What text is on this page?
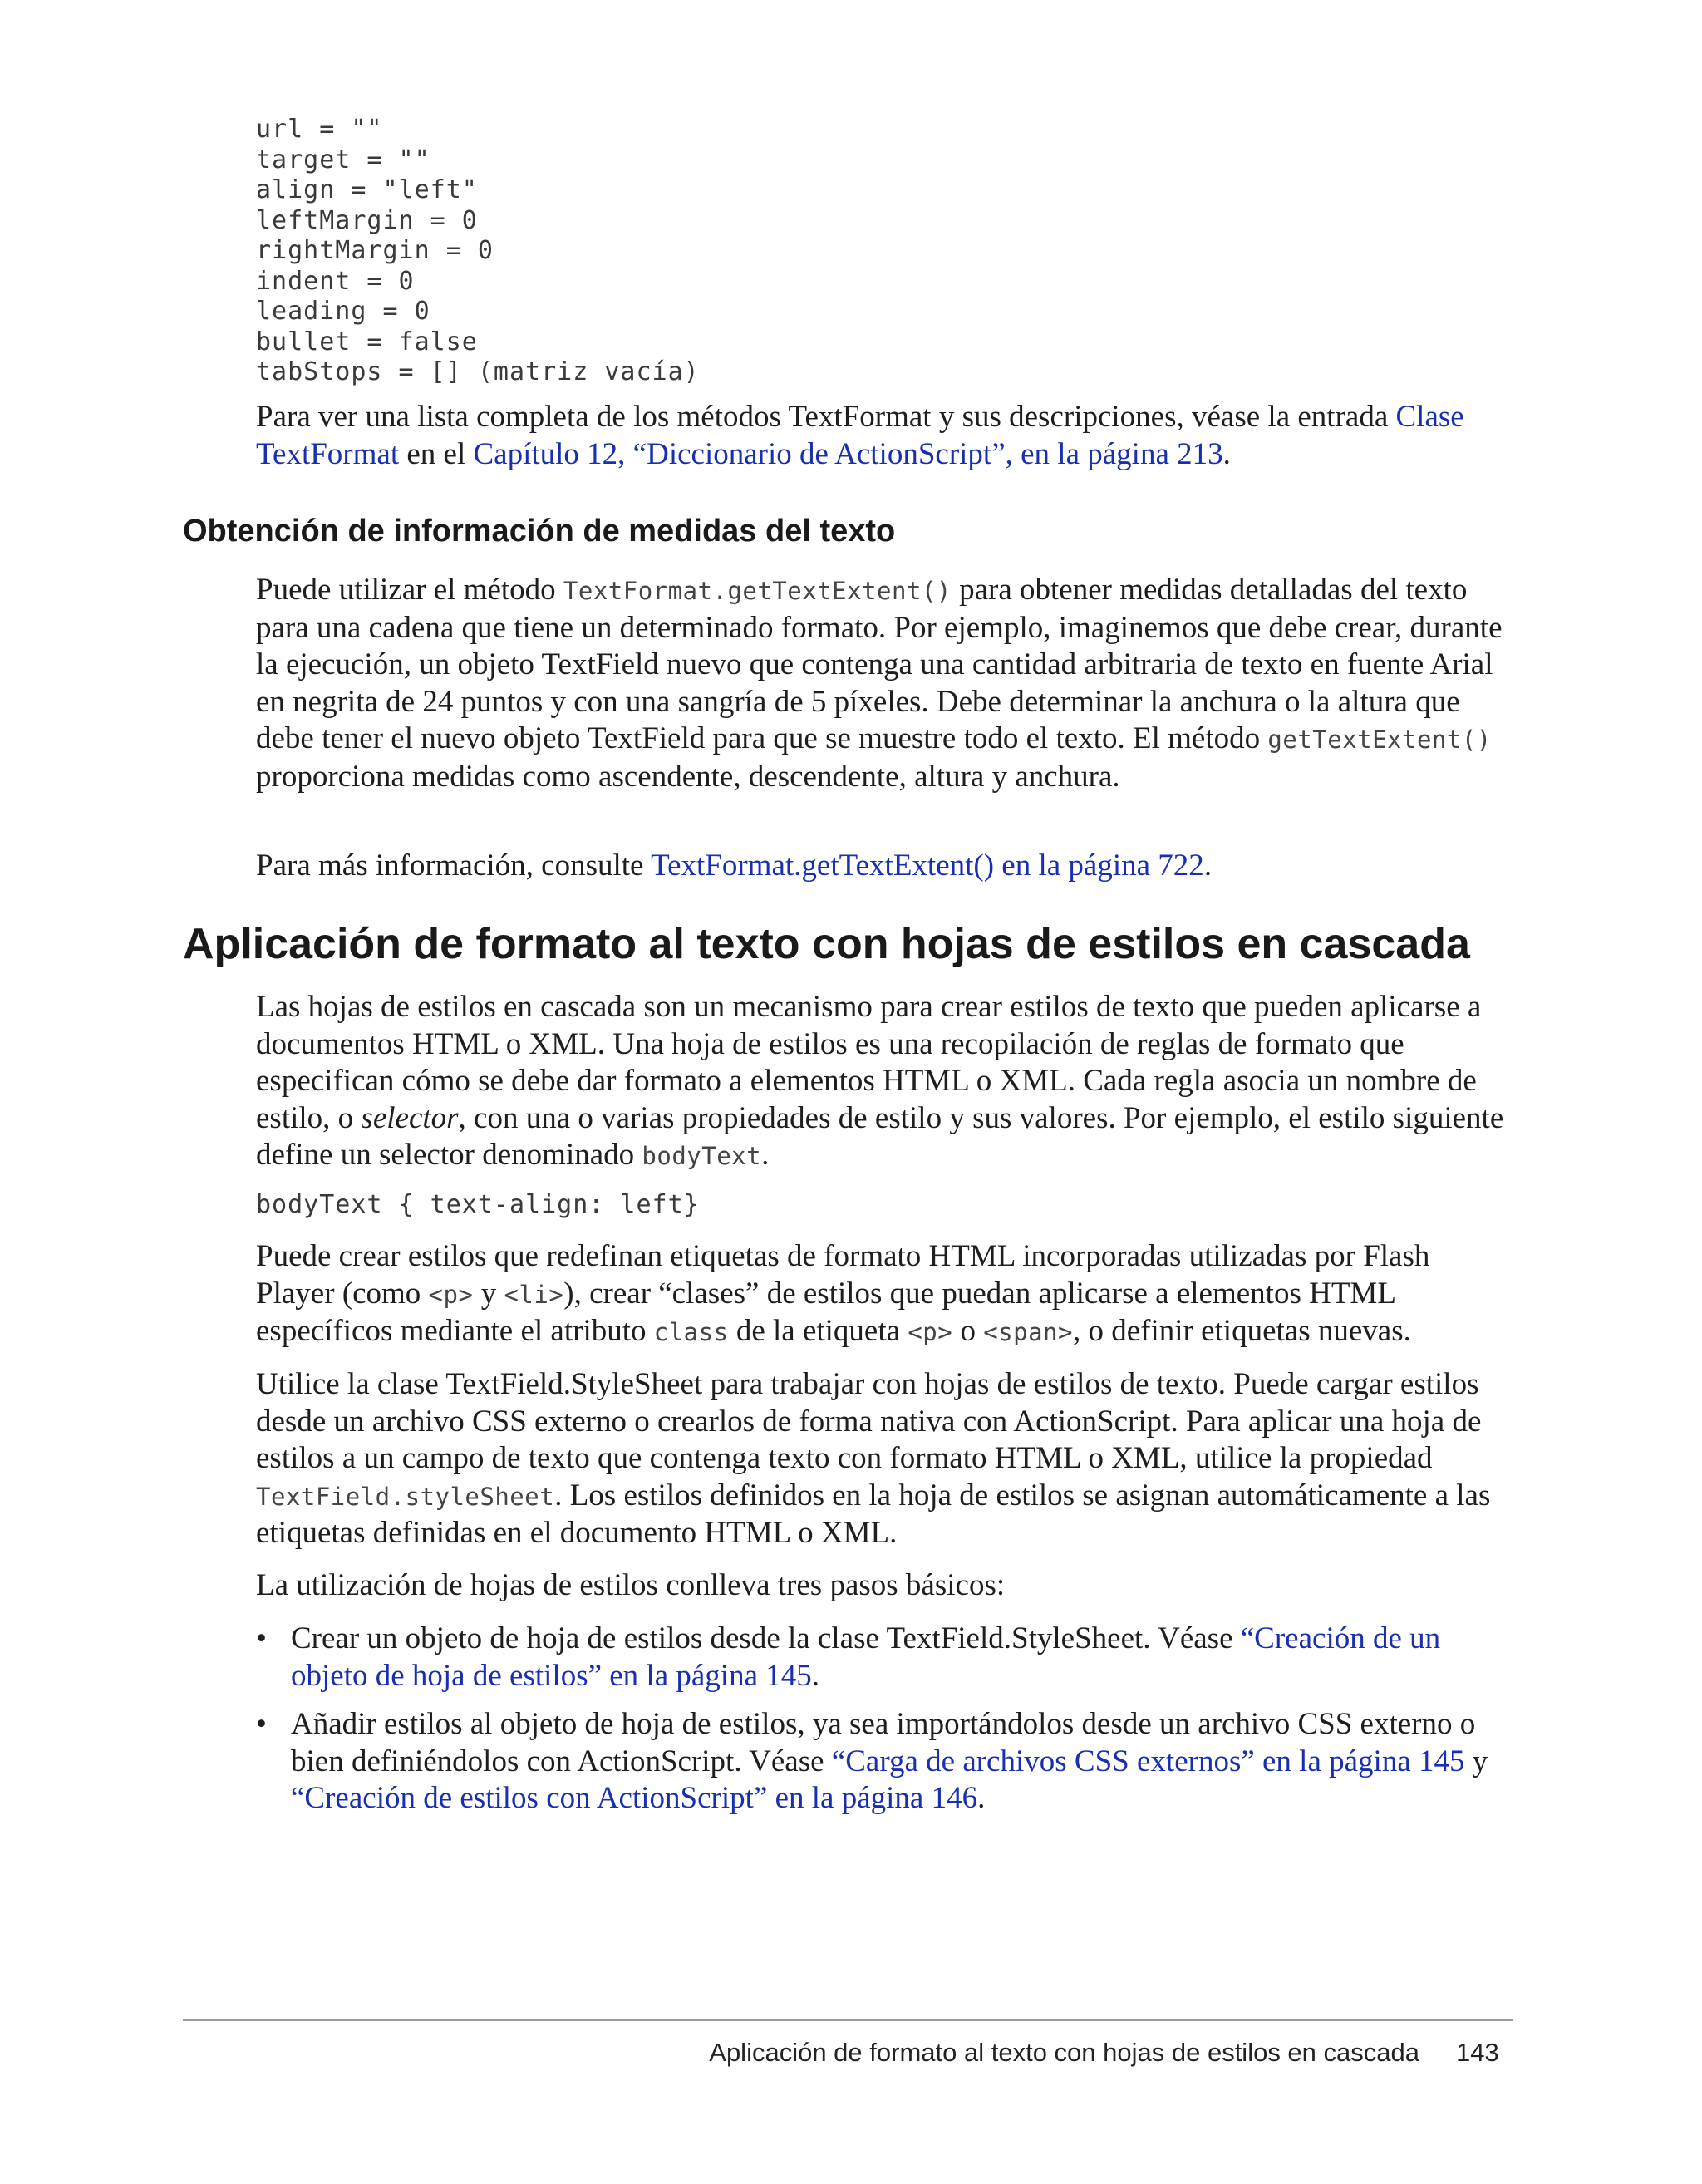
url = ""
target = ""
align = "left"
leftMargin = 0
rightMargin = 0
indent = 0
leading = 0
bullet = false
tabStops = [] (matriz vacía)

Para ver una lista completa de los métodos TextFormat y sus descripciones, véase la entrada Clase TextFormat en el Capítulo 12, “Diccionario de ActionScript”, en la página 213.

Obtención de información de medidas del texto

Puede utilizar el método TextFormat.getTextExtent() para obtener medidas detalladas del texto para una cadena que tiene un determinado formato. Por ejemplo, imaginemos que debe crear, durante la ejecución, un objeto TextField nuevo que contenga una cantidad arbitraria de texto en fuente Arial en negrita de 24 puntos y con una sangría de 5 píxeles. Debe determinar la anchura o la altura que debe tener el nuevo objeto TextField para que se muestre todo el texto. El método getTextExtent() proporciona medidas como ascendente, descendente, altura y anchura.

Para más información, consulte TextFormat.getTextExtent() en la página 722.

Aplicación de formato al texto con hojas de estilos en cascada

Las hojas de estilos en cascada son un mecanismo para crear estilos de texto que pueden aplicarse a documentos HTML o XML. Una hoja de estilos es una recopilación de reglas de formato que especifican cómo se debe dar formato a elementos HTML o XML. Cada regla asocia un nombre de estilo, o selector, con una o varias propiedades de estilo y sus valores. Por ejemplo, el estilo siguiente define un selector denominado bodyText.

bodyText { text-align: left}

Puede crear estilos que redefinan etiquetas de formato HTML incorporadas utilizadas por Flash Player (como <p> y <li>), crear “clases” de estilos que puedan aplicarse a elementos HTML específicos mediante el atributo class de la etiqueta <p> o <span>, o definir etiquetas nuevas.

Utilice la clase TextField.StyleSheet para trabajar con hojas de estilos de texto. Puede cargar estilos desde un archivo CSS externo o crearlos de forma nativa con ActionScript. Para aplicar una hoja de estilos a un campo de texto que contenga texto con formato HTML o XML, utilice la propiedad TextField.styleSheet. Los estilos definidos en la hoja de estilos se asignan automáticamente a las etiquetas definidas en el documento HTML o XML.

La utilización de hojas de estilos conlleva tres pasos básicos:

• Crear un objeto de hoja de estilos desde la clase TextField.StyleSheet. Véase “Creación de un objeto de hoja de estilos” en la página 145.
• Añadir estilos al objeto de hoja de estilos, ya sea importándolos desde un archivo CSS externo o bien definiéndolos con ActionScript. Véase “Carga de archivos CSS externos” en la página 145 y “Creación de estilos con ActionScript” en la página 146.
Aplicación de formato al texto con hojas de estilos en cascada 143
